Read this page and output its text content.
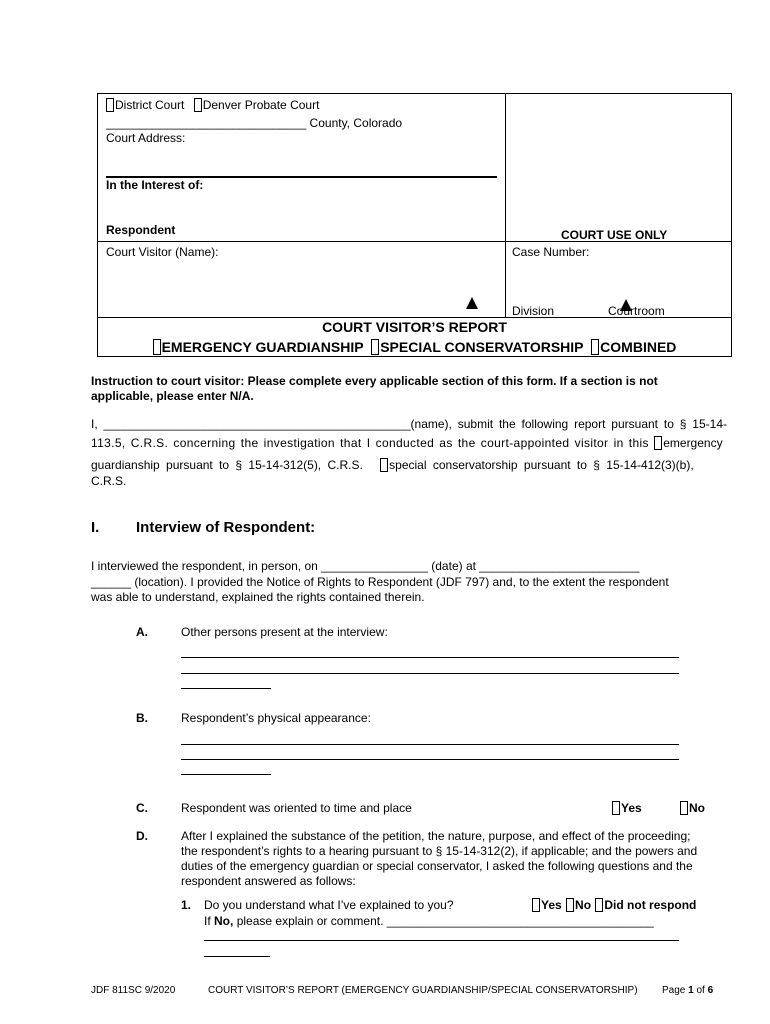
District Court Denver Probate Court
______________________________ County, Colorado
Court Address:
In the Interest of:
Respondent	COURT USE ONLY
Court Visitor (Name):	Case Number:
Division	Courtroom
COURT VISITOR’S REPORT
EMERGENCY GUARDIANSHIP SPECIAL CONSERVATORSHIP COMBINED
Instruction to court visitor: Please complete every applicable section of this form. If a section is not applicable, please enter N/A.
I, ______________________________________________(name), submit the following report pursuant to § 15-14-
113.5, C.R.S. concerning the investigation that I conducted as the court-appointed visitor in this emergency
guardianship pursuant to § 15-14-312(5), C.R.S. special conservatorship pursuant to § 15-14-412(3)(b),
C.R.S.
I. Interview of Respondent:
I interviewed the respondent, in person, on ________________ (date) at ________________________
______ (location). I provided the Notice of Rights to Respondent (JDF 797) and, to the extent the respondent
was able to understand, explained the rights contained therein.
A.	Other persons present at the interview:
B.	Respondent’s physical appearance:
C.	Respondent was oriented to time and place	Yes	No
D.	After I explained the substance of the petition, the nature, purpose, and effect of the proceeding;
the respondent’s rights to a hearing pursuant to § 15-14-312(2), if applicable; and the powers and
duties of the emergency guardian or special conservator, I asked the following questions and the
respondent answered as follows:
1. Do you understand what I’ve explained to you?	Yes No Did not respond
If No, please explain or comment. ________________________________________
JDF 811SC 9/2020	COURT VISITOR’S REPORT (EMERGENCY GUARDIANSHIP/SPECIAL CONSERVATORSHIP) Page 1 of 6
